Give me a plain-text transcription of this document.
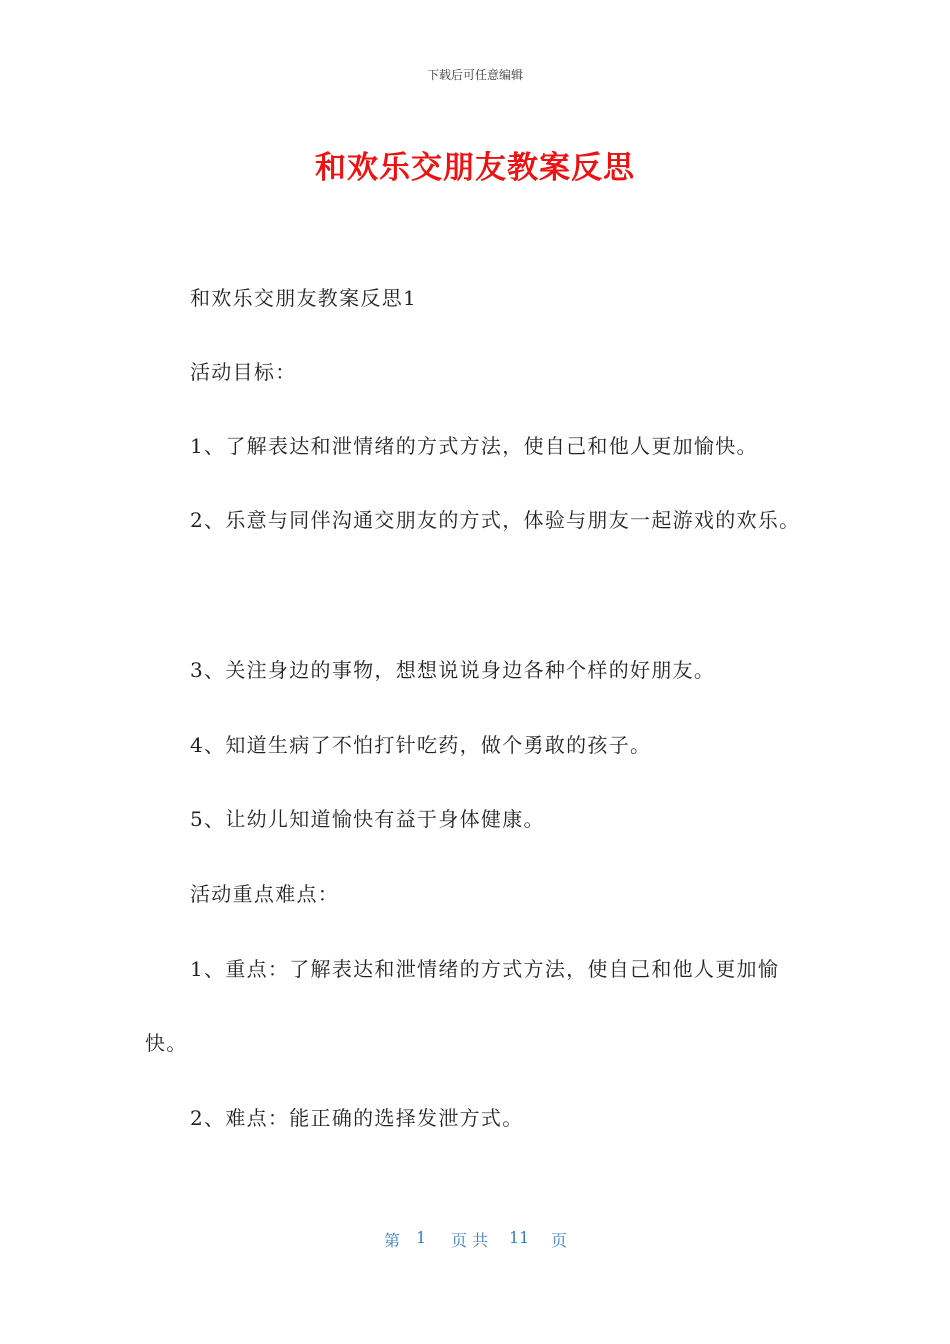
下载后可任意编辑
和欢乐交朋友教案反思
和欢乐交朋友教案反思1
活动目标：
1、了解表达和泄情绪的方式方法，使自己和他人更加愉快。
2、乐意与同伴沟通交朋友的方式，体验与朋友一起游戏的欢乐。
3、关注身边的事物，想想说说身边各种个样的好朋友。
4、知道生病了不怕打针吃药，做个勇敢的孩子。
5、让幼儿知道愉快有益于身体健康。
活动重点难点：
1、重点：了解表达和泄情绪的方式方法，使自己和他人更加愉
快。
2、难点：能正确的选择发泄方式。
第 1 页 共 11 页
